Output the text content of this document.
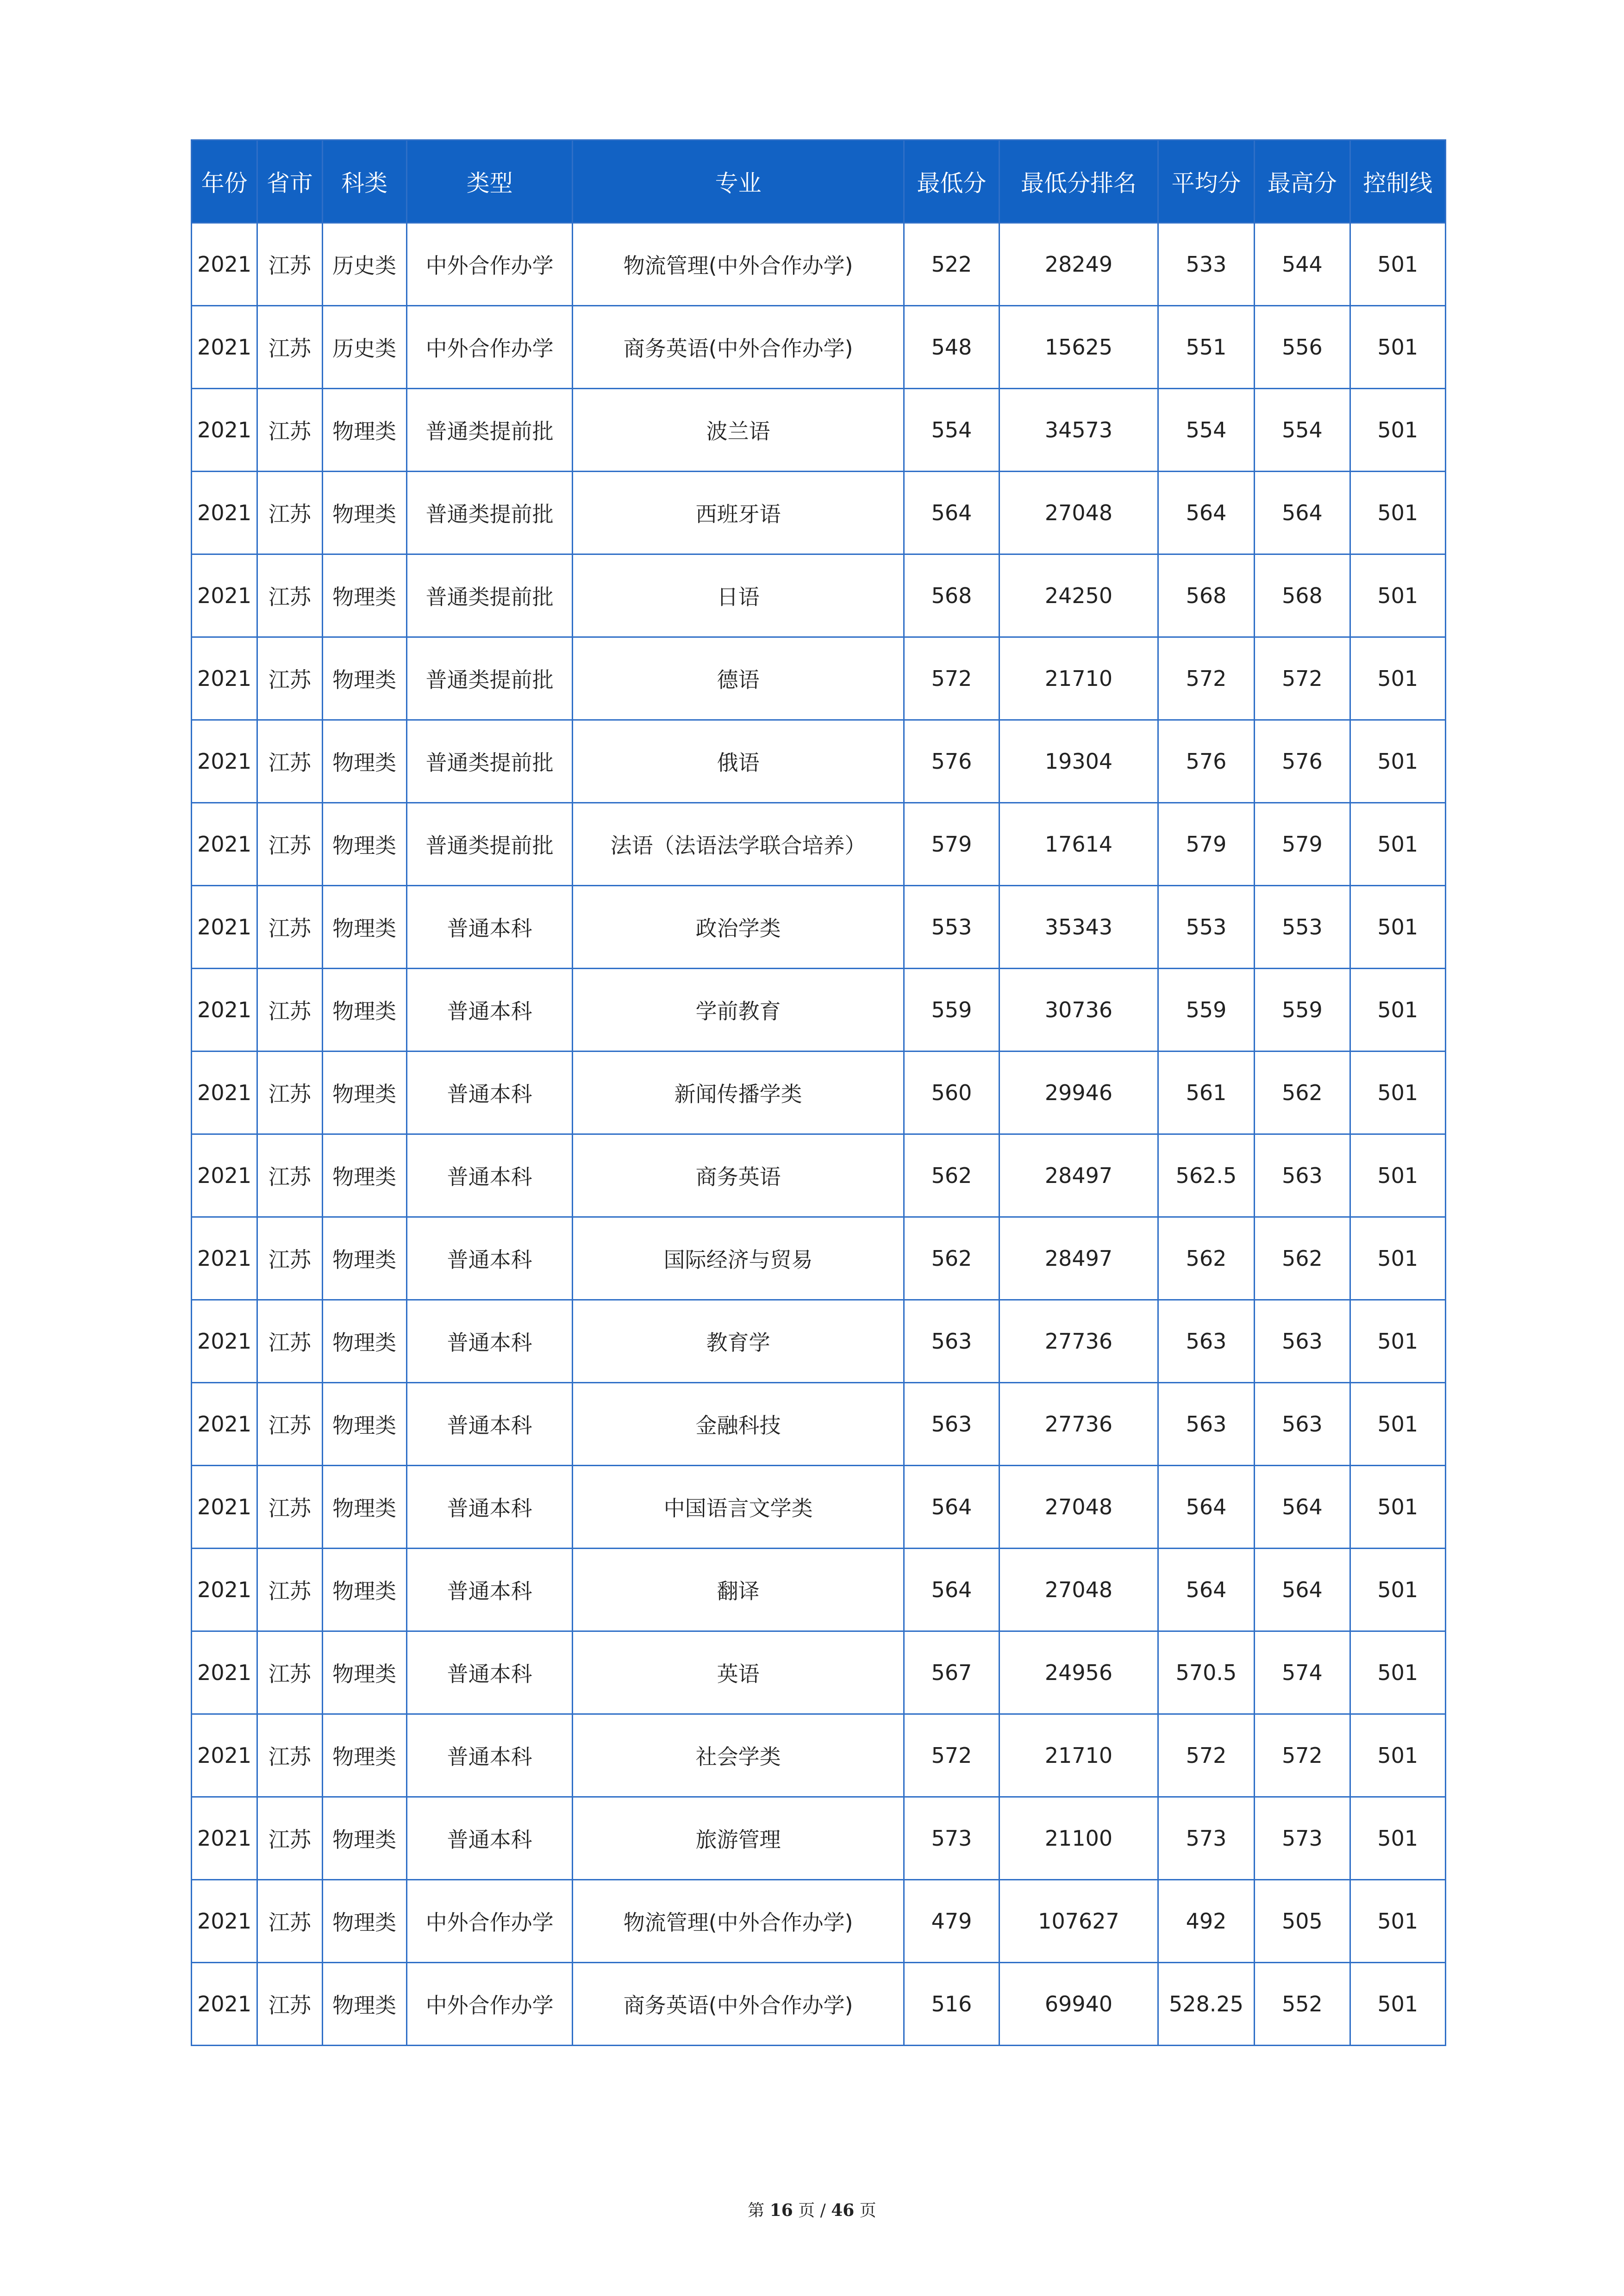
年份	省市	科类	类型	专业	最低分	最低分排名	平均分	最高分	控制线
2021	江苏	历史类	中外合作办学	物流管理(中外合作办学)	522	28249	533	544	501
2021	江苏	历史类	中外合作办学	商务英语(中外合作办学)	548	15625	551	556	501
2021	江苏	物理类	普通类提前批	波兰语	554	34573	554	554	501
2021	江苏	物理类	普通类提前批	西班牙语	564	27048	564	564	501
2021	江苏	物理类	普通类提前批	日语	568	24250	568	568	501
2021	江苏	物理类	普通类提前批	德语	572	21710	572	572	501
2021	江苏	物理类	普通类提前批	俄语	576	19304	576	576	501
2021	江苏	物理类	普通类提前批	法语（法语法学联合培养）	579	17614	579	579	501
2021	江苏	物理类	普通本科	政治学类	553	35343	553	553	501
2021	江苏	物理类	普通本科	学前教育	559	30736	559	559	501
2021	江苏	物理类	普通本科	新闻传播学类	560	29946	561	562	501
2021	江苏	物理类	普通本科	商务英语	562	28497	562.5	563	501
2021	江苏	物理类	普通本科	国际经济与贸易	562	28497	562	562	501
2021	江苏	物理类	普通本科	教育学	563	27736	563	563	501
2021	江苏	物理类	普通本科	金融科技	563	27736	563	563	501
2021	江苏	物理类	普通本科	中国语言文学类	564	27048	564	564	501
2021	江苏	物理类	普通本科	翻译	564	27048	564	564	501
2021	江苏	物理类	普通本科	英语	567	24956	570.5	574	501
2021	江苏	物理类	普通本科	社会学类	572	21710	572	572	501
2021	江苏	物理类	普通本科	旅游管理	573	21100	573	573	501
2021	江苏	物理类	中外合作办学	物流管理(中外合作办学)	479	107627	492	505	501
2021	江苏	物理类	中外合作办学	商务英语(中外合作办学)	516	69940	528.25	552	501
第 16 页 / 46 页
